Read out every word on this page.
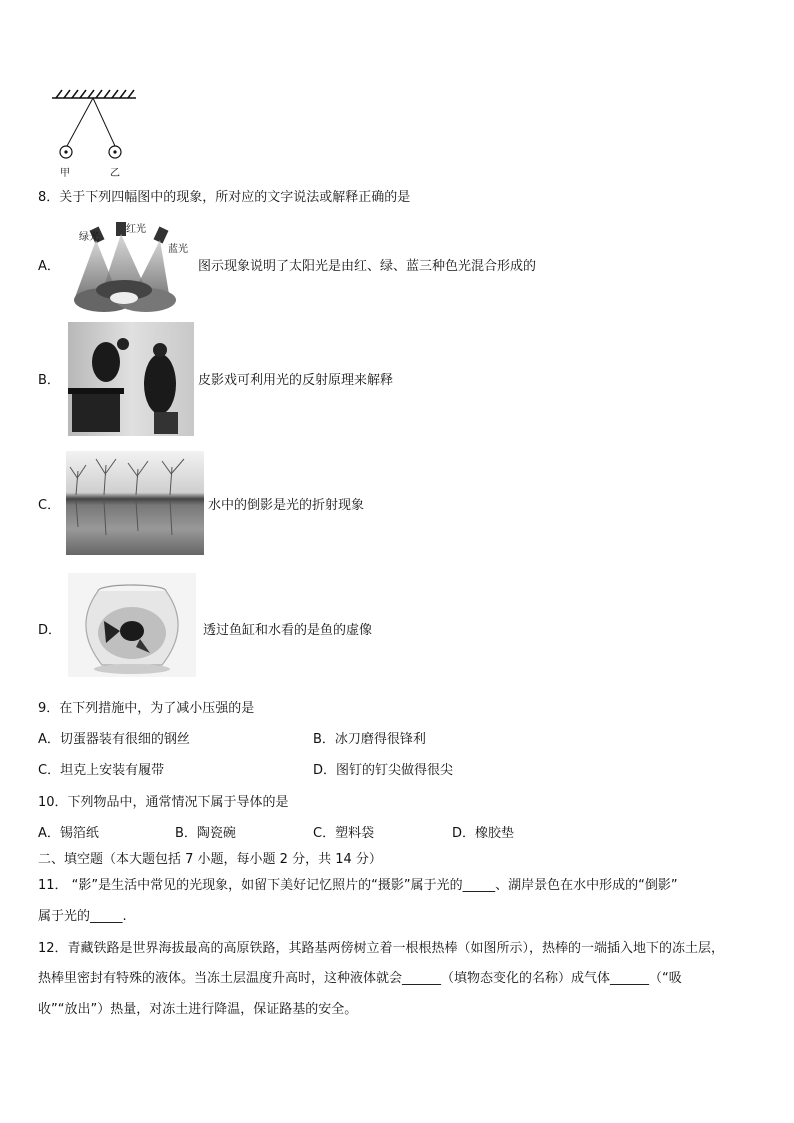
甲	乙
8．关于下列四幅图中的现象，所对应的文字说法或解释正确的是
绿光
红光
蓝光
A．	图示现象说明了太阳光是由红、绿、蓝三种色光混合形成的
B．	皮影戏可利用光的反射原理来解释
C．	水中的倒影是光的折射现象
D．	透过鱼缸和水看的是鱼的虚像
9．在下列措施中，为了减小压强的是
A．切蛋器装有很细的钢丝	B．冰刀磨得很锋利
C．坦克上安装有履带	D．图钉的钉尖做得很尖
10．下列物品中，通常情况下属于导体的是
A．锡箔纸	B．陶瓷碗	C．塑料袋	D．橡胶垫
二、填空题（本大题包括 7 小题，每小题 2 分，共 14 分）
11． “影”是生活中常见的光现象，如留下美好记忆照片的“摄影”属于光的_____、湖岸景色在水中形成的“倒影”
属于光的_____.
12．青藏铁路是世界海拔最高的高原铁路，其路基两傍树立着一根根热棒（如图所示），热棒的一端插入地下的冻土层，
热棒里密封有特殊的液体。当冻土层温度升高时，这种液体就会______（填物态变化的名称）成气体______（“吸
收”“放出”）热量，对冻土进行降温，保证路基的安全。
